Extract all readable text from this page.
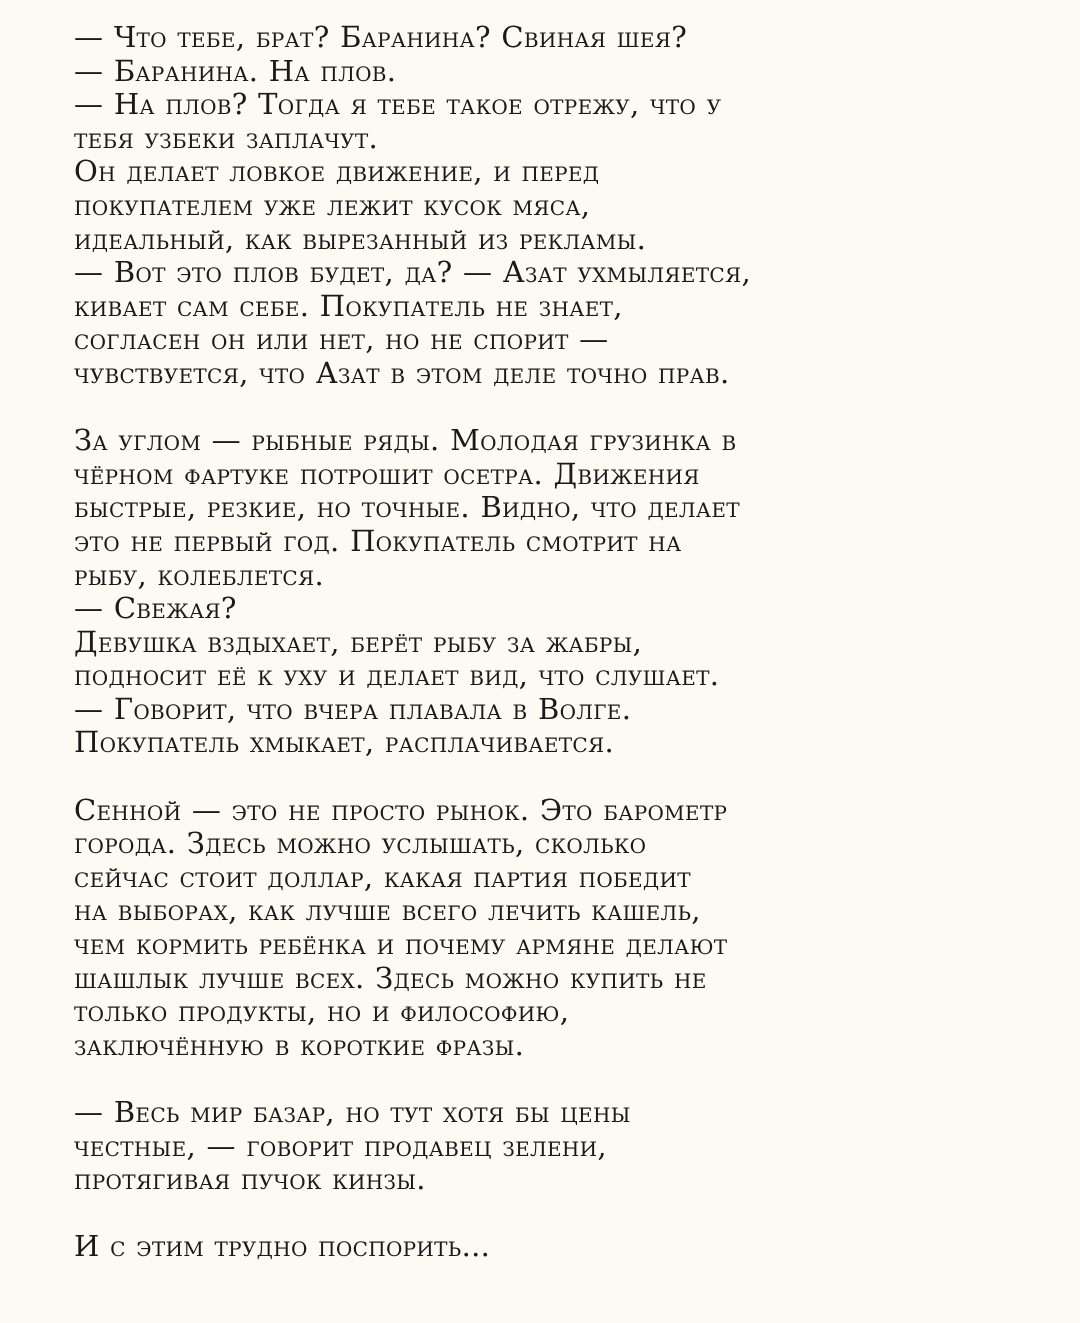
— Что тебе, брат? Баранина? Свиная шея?
— Баранина. На плов.
— На плов? Тогда я тебе такое отрежу, что у
тебя узбеки заплачут.
Он делает ловкое движение, и перед
покупателем уже лежит кусок мяса,
идеальный, как вырезанный из рекламы.
— Вот это плов будет, да? — Азат ухмыляется,
кивает сам себе. Покупатель не знает,
согласен он или нет, но не спорит —
чувствуется, что Азат в этом деле точно прав.
За углом — рыбные ряды. Молодая грузинка в
чёрном фартуке потрошит осетра. Движения
быстрые, резкие, но точные. Видно, что делает
это не первый год. Покупатель смотрит на
рыбу, колеблется.
— Свежая?
Девушка вздыхает, берёт рыбу за жабры,
подносит её к уху и делает вид, что слушает.
— Говорит, что вчера плавала в Волге.
Покупатель хмыкает, расплачивается.
Сенной — это не просто рынок. Это барометр
города. Здесь можно услышать, сколько
сейчас стоит доллар, какая партия победит
на выборах, как лучше всего лечить кашель,
чем кормить ребёнка и почему армяне делают
шашлык лучше всех. Здесь можно купить не
только продукты, но и философию,
заключённую в короткие фразы.
— Весь мир базар, но тут хотя бы цены
честные, — говорит продавец зелени,
протягивая пучок кинзы.
И с этим трудно поспорить...
